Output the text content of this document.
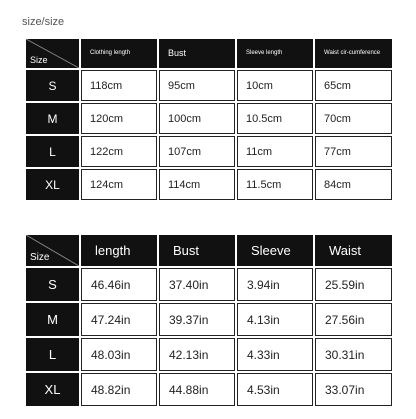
size/size
Size	Clothing length	Bust	Sleeve length	Waist cir-cumference
S	118cm	95cm	10cm	65cm
M	120cm	100cm	10.5cm	70cm
L	122cm	107cm	11cm	77cm
XL	124cm	114cm	11.5cm	84cm
Size	length	Bust	Sleeve	Waist
S	46.46in	37.40in	3.94in	25.59in
M	47.24in	39.37in	4.13in	27.56in
L	48.03in	42.13in	4.33in	30.31in
XL	48.82in	44.88in	4.53in	33.07in
